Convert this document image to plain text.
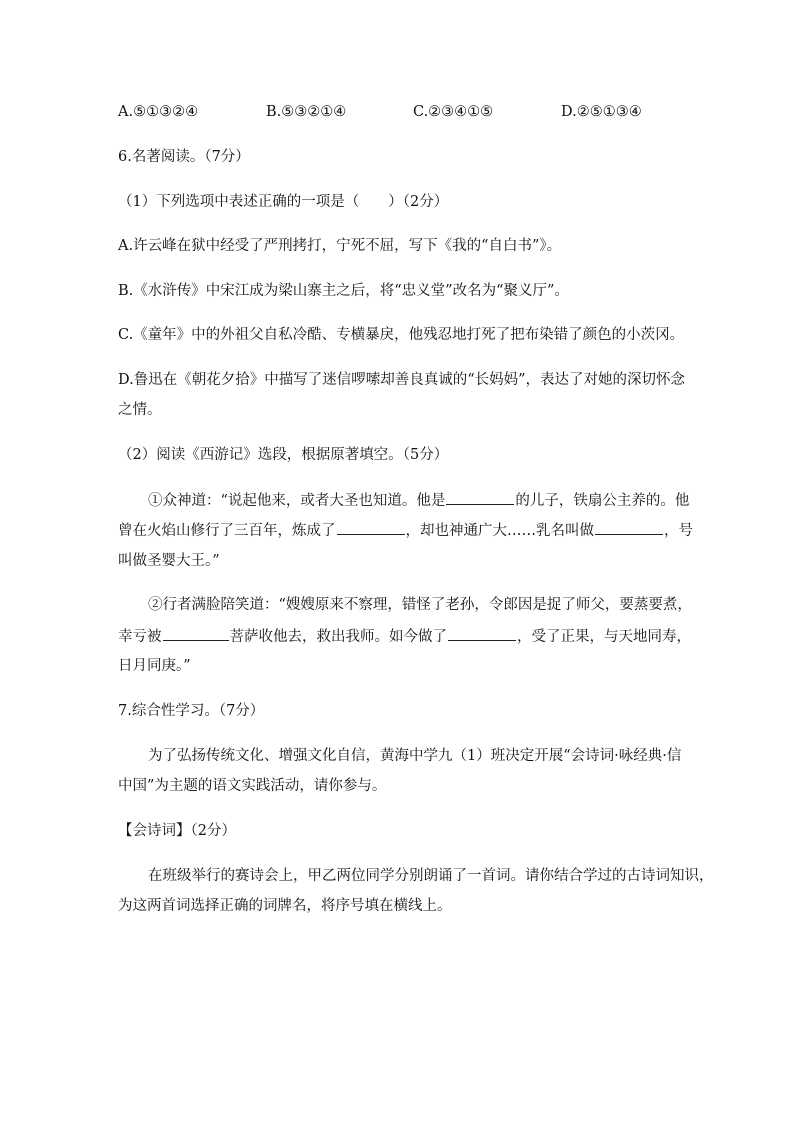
A.⑤①③②④	B.⑤③②①④	C.②③④①⑤	D.②⑤①③④
6.名著阅读。（7分）
（1）下列选项中表述正确的一项是（　　）（2分）
A.许云峰在狱中经受了严刑拷打，宁死不屈，写下《我的“自白书”》。
B.《水浒传》中宋江成为梁山寨主之后，将“忠义堂”改名为“聚义厅”。
C.《童年》中的外祖父自私冷酷、专横暴戾，他残忍地打死了把布染错了颜色的小茨冈。
D.鲁迅在《朝花夕拾》中描写了迷信啰嗦却善良真诚的“长妈妈”，表达了对她的深切怀念
之情。
（2）阅读《西游记》选段，根据原著填空。（5分）
①众神道：“说起他来，或者大圣也知道。他是	的儿子，铁扇公主养的。他
曾在火焰山修行了三百年，炼成了	，却也神通广大……乳名叫做	，号
叫做圣婴大王。”
②行者满脸陪笑道：“嫂嫂原来不察理，错怪了老孙，令郎因是捉了师父，要蒸要煮，
幸亏被	菩萨收他去，救出我师。如今做了	，受了正果，与天地同寿，
日月同庚。”
7.综合性学习。（7分）
为了弘扬传统文化、增强文化自信，黄海中学九（1）班决定开展“会诗词·咏经典·信
中国”为主题的语文实践活动，请你参与。
【会诗词】（2分）
在班级举行的赛诗会上，甲乙两位同学分别朗诵了一首词。请你结合学过的古诗词知识，
为这两首词选择正确的词牌名，将序号填在横线上。
